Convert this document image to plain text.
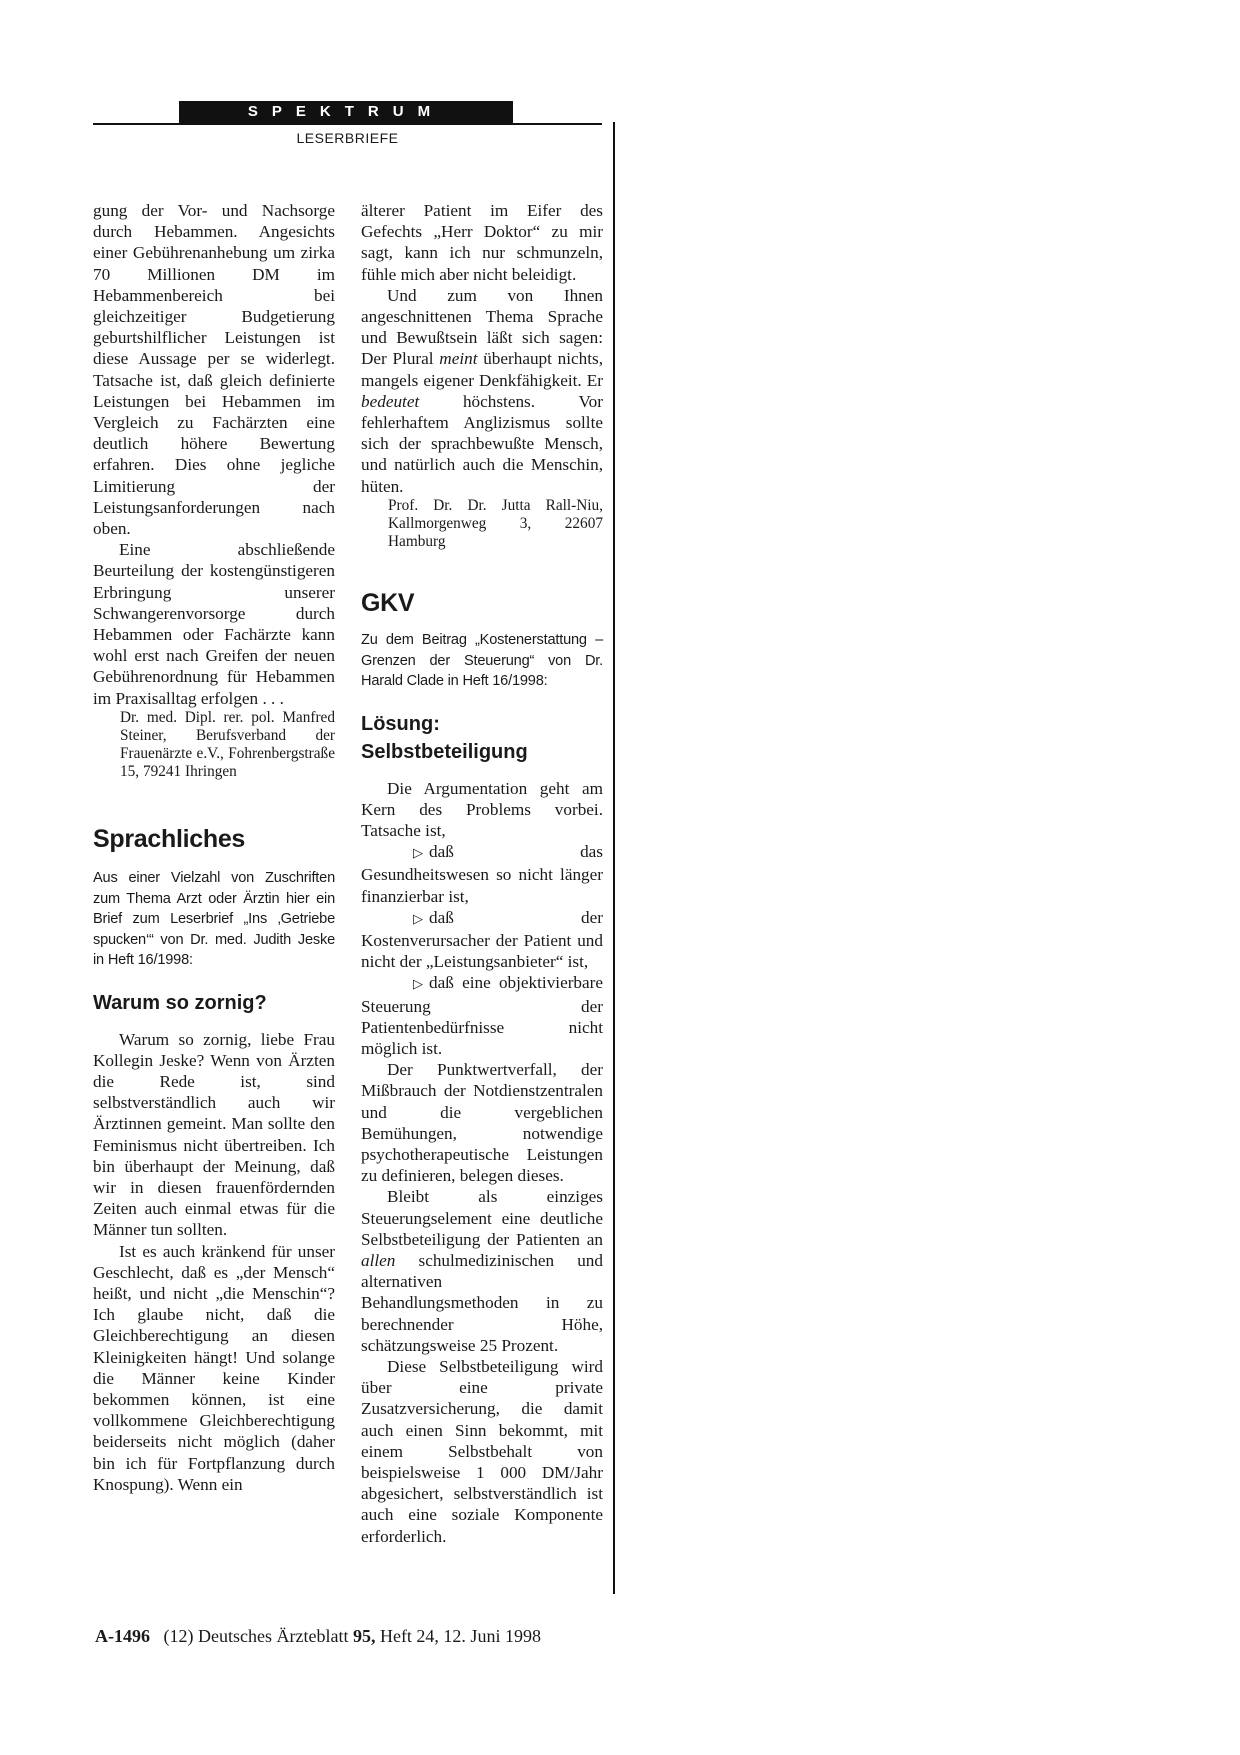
SPEKTRUM
LESERBRIEFE

gung der Vor- und Nachsorge durch Hebammen. Angesichts einer Gebührenanhebung um zirka 70 Millionen DM im Hebammenbereich bei gleichzeitiger Budgetierung geburtshilflicher Leistungen ist diese Aussage per se widerlegt. Tatsache ist, daß gleich definierte Leistungen bei Hebammen im Vergleich zu Fachärzten eine deutlich höhere Bewertung erfahren. Dies ohne jegliche Limitierung der Leistungsanforderungen nach oben.

Eine abschließende Beurteilung der kostengünstigeren Erbringung unserer Schwangerenvorsorge durch Hebammen oder Fachärzte kann wohl erst nach Greifen der neuen Gebührenordnung für Hebammen im Praxisalltag erfolgen . . .

Dr. med. Dipl. rer. pol. Manfred Steiner, Berufsverband der Frauenärzte e.V., Fohrenbergstraße 15, 79241 Ihringen

Sprachliches

Aus einer Vielzahl von Zuschriften zum Thema Arzt oder Ärztin hier ein Brief zum Leserbrief „Ins ‚Getriebe spucken‘“ von Dr. med. Judith Jeske in Heft 16/1998:

Warum so zornig?

Warum so zornig, liebe Frau Kollegin Jeske? Wenn von Ärzten die Rede ist, sind selbstverständlich auch wir Ärztinnen gemeint. Man sollte den Feminismus nicht übertreiben. Ich bin überhaupt der Meinung, daß wir in diesen frauenfördernden Zeiten auch einmal etwas für die Männer tun sollten.

Ist es auch kränkend für unser Geschlecht, daß es „der Mensch“ heißt, und nicht „die Menschin“? Ich glaube nicht, daß die Gleichberechtigung an diesen Kleinigkeiten hängt! Und solange die Männer keine Kinder bekommen können, ist eine vollkommene Gleichberechtigung beiderseits nicht möglich (daher bin ich für Fortpflanzung durch Knospung). Wenn ein

älterer Patient im Eifer des Gefechts „Herr Doktor“ zu mir sagt, kann ich nur schmunzeln, fühle mich aber nicht beleidigt.

Und zum von Ihnen angeschnittenen Thema Sprache und Bewußtsein läßt sich sagen: Der Plural meint überhaupt nichts, mangels eigener Denkfähigkeit. Er bedeutet höchstens. Vor fehlerhaftem Anglizismus sollte sich der sprachbewußte Mensch, und natürlich auch die Menschin, hüten.

Prof. Dr. Dr. Jutta Rall-Niu, Kallmorgenweg 3, 22607 Hamburg

GKV

Zu dem Beitrag „Kostenerstattung – Grenzen der Steuerung“ von Dr. Harald Clade in Heft 16/1998:

Lösung: Selbstbeteiligung

Die Argumentation geht am Kern des Problems vorbei. Tatsache ist,

▷ daß das Gesundheitswesen so nicht länger finanzierbar ist,

▷ daß der Kostenverursacher der Patient und nicht der „Leistungsanbieter“ ist,

▷ daß eine objektivierbare Steuerung der Patientenbedürfnisse nicht möglich ist.

Der Punktwertverfall, der Mißbrauch der Notdienstzentralen und die vergeblichen Bemühungen, notwendige psychotherapeutische Leistungen zu definieren, belegen dieses.

Bleibt als einziges Steuerungselement eine deutliche Selbstbeteiligung der Patienten an allen schulmedizinischen und alternativen Behandlungsmethoden in zu berechnender Höhe, schätzungsweise 25 Prozent.

Diese Selbstbeteiligung wird über eine private Zusatzversicherung, die damit auch einen Sinn bekommt, mit einem Selbstbehalt von beispielsweise 1 000 DM/Jahr abgesichert, selbstverständlich ist auch eine soziale Komponente erforderlich.

A-1496 (12) Deutsches Ärzteblatt 95, Heft 24, 12. Juni 1998
